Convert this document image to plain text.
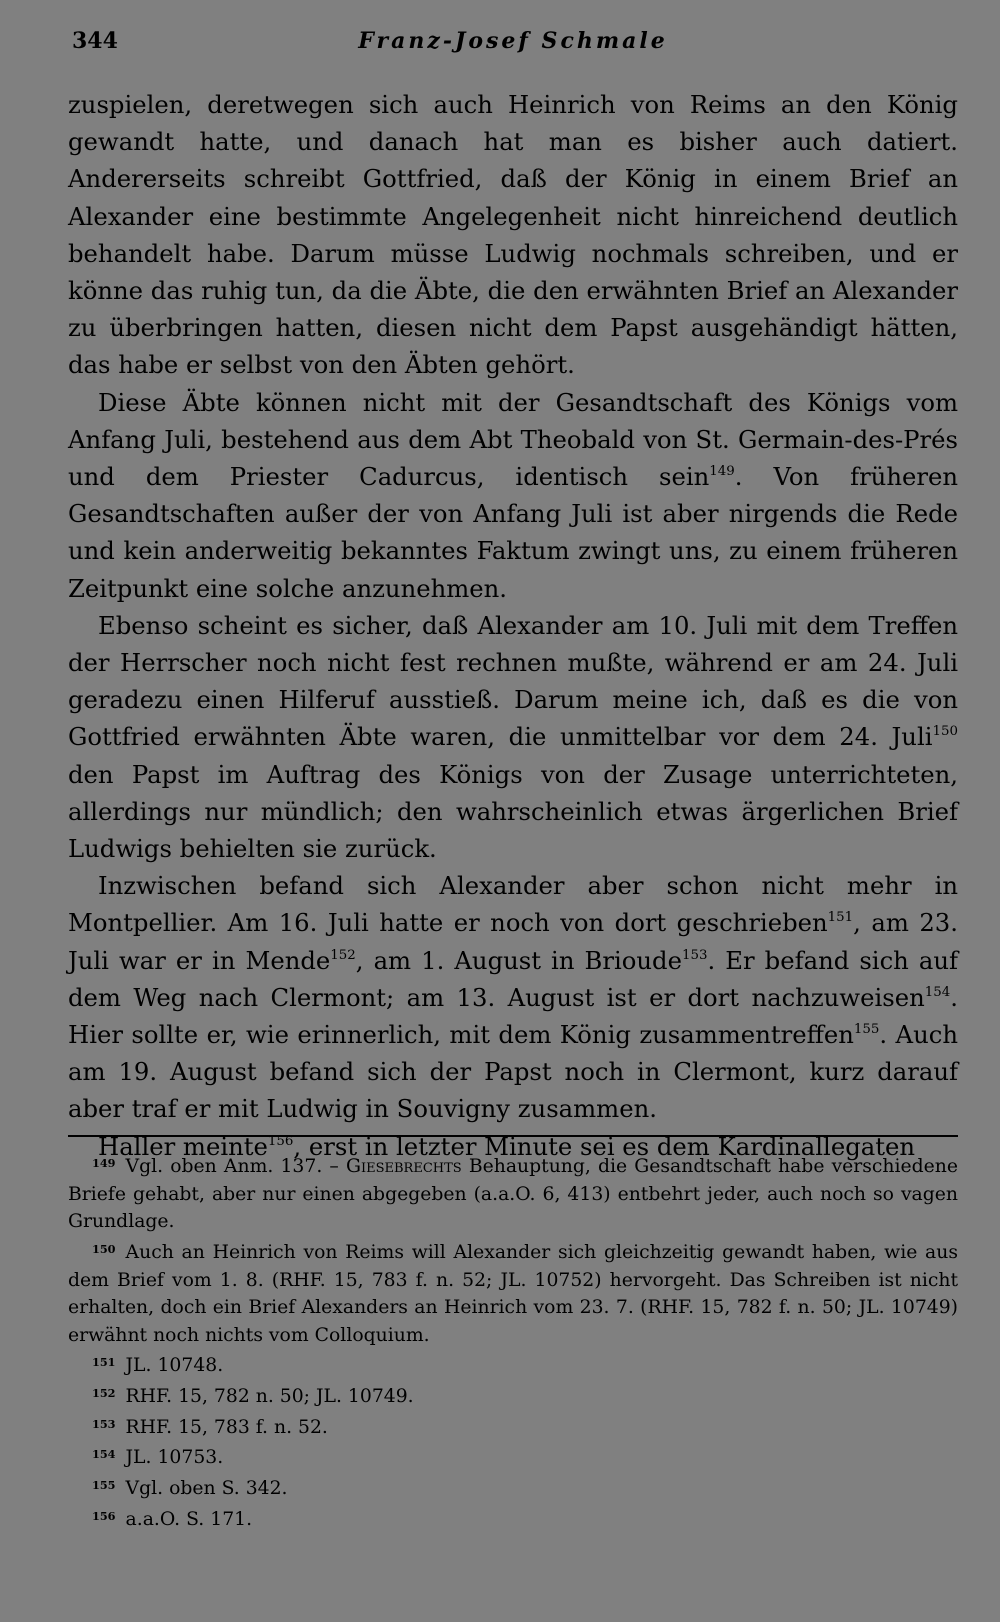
344	Franz-Josef Schmale

zuspielen, deretwegen sich auch Heinrich von Reims an den König gewandt hatte, und danach hat man es bisher auch datiert. Andererseits schreibt Gottfried, daß der König in einem Brief an Alexander eine bestimmte Angelegenheit nicht hinreichend deutlich behandelt habe. Darum müsse Ludwig nochmals schreiben, und er könne das ruhig tun, da die Äbte, die den erwähnten Brief an Alexander zu überbringen hatten, diesen nicht dem Papst ausgehändigt hätten, das habe er selbst von den Äbten gehört.

Diese Äbte können nicht mit der Gesandtschaft des Königs vom Anfang Juli, bestehend aus dem Abt Theobald von St. Germain-des-Prés und dem Priester Cadurcus, identisch sein$^{149}$. Von früheren Gesandtschaften außer der von Anfang Juli ist aber nirgends die Rede und kein anderweitig bekanntes Faktum zwingt uns, zu einem früheren Zeitpunkt eine solche anzunehmen.

Ebenso scheint es sicher, daß Alexander am 10. Juli mit dem Treffen der Herrscher noch nicht fest rechnen mußte, während er am 24. Juli geradezu einen Hilferuf ausstieß. Darum meine ich, daß es die von Gottfried erwähnten Äbte waren, die unmittelbar vor dem 24. Juli$^{150}$ den Papst im Auftrag des Königs von der Zusage unterrichteten, allerdings nur mündlich; den wahrscheinlich etwas ärgerlichen Brief Ludwigs behielten sie zurück.

Inzwischen befand sich Alexander aber schon nicht mehr in Montpellier. Am 16. Juli hatte er noch von dort geschrieben$^{151}$, am 23. Juli war er in Mende$^{152}$, am 1. August in Brioude$^{153}$. Er befand sich auf dem Weg nach Clermont; am 13. August ist er dort nachzuweisen$^{154}$. Hier sollte er, wie erinnerlich, mit dem König zusammentreffen$^{155}$. Auch am 19. August befand sich der Papst noch in Clermont, kurz darauf aber traf er mit Ludwig in Souvigny zusammen.

Haller meinte$^{156}$, erst in letzter Minute sei es dem Kardinallegaten

$^{149}$ Vgl. oben Anm. 137. – Giesebrechts Behauptung, die Gesandtschaft habe verschiedene Briefe gehabt, aber nur einen abgegeben (a.a.O. 6, 413) entbehrt jeder, auch noch so vagen Grundlage.

$^{150}$ Auch an Heinrich von Reims will Alexander sich gleichzeitig gewandt haben, wie aus dem Brief vom 1. 8. (RHF. 15, 783 f. n. 52; JL. 10752) hervorgeht. Das Schreiben ist nicht erhalten, doch ein Brief Alexanders an Heinrich vom 23. 7. (RHF. 15, 782 f. n. 50; JL. 10749) erwähnt noch nichts vom Colloquium.

$^{151}$ JL. 10748.

$^{152}$ RHF. 15, 782 n. 50; JL. 10749.

$^{153}$ RHF. 15, 783 f. n. 52.

$^{154}$ JL. 10753.

$^{155}$ Vgl. oben S. 342.

$^{156}$ a.a.O. S. 171.
